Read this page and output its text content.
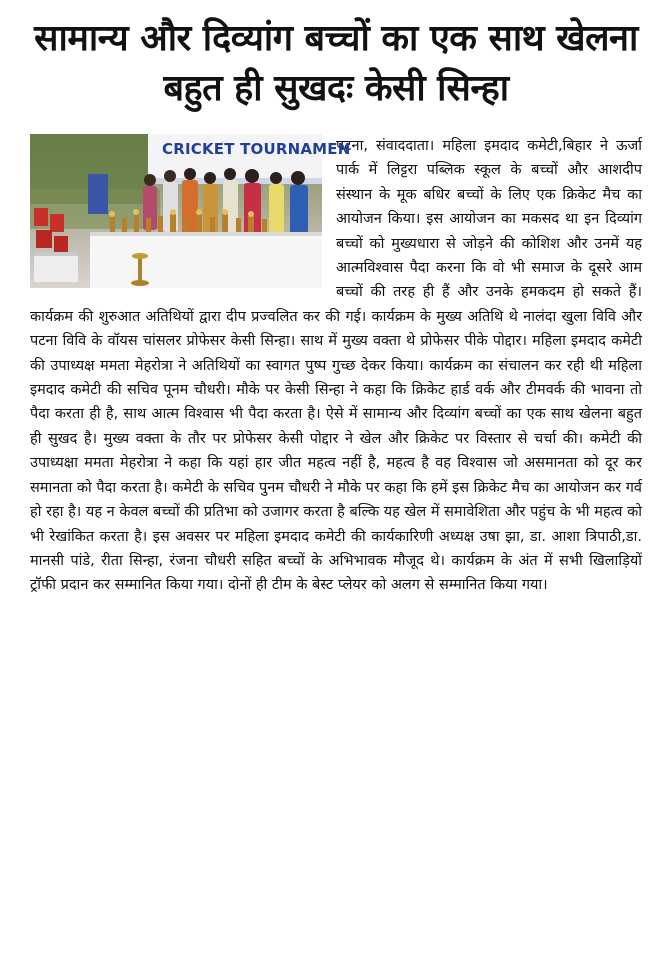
सामान्य और दिव्यांग बच्चों का एक साथ खेलना बहुत ही सुखदः केसी सिन्हा
CRICKET TOURNAMEN

पटना, संवाददाता। महिला इमदाद कमेटी,बिहार ने ऊर्जा पार्क में लिट्टरा पब्लिक स्कूल के बच्चों और आशदीप संस्थान के मूक बधिर बच्चों के लिए एक क्रिकेट मैच का आयोजन किया। इस आयोजन का मकसद था इन दिव्यांग बच्चों को मुख्यधारा से जोड़ने की कोशिश और उनमें यह आत्मविश्वास पैदा करना कि वो भी समाज के दूसरे आम बच्चों की तरह ही हैं और उनके हमकदम हो सकते हैं। कार्यक्रम की शुरुआत अतिथियों द्वारा दीप प्रज्वलित कर की गई। कार्यक्रम के मुख्य अतिथि थे नालंदा खुला विवि और पटना विवि के वॉयस चांसलर प्रोफेसर केसी सिन्हा। साथ में मुख्य वक्ता थे प्रोफेसर पीके पोद्दार। महिला इमदाद कमेटी की उपाध्यक्ष ममता मेहरोत्रा ने अतिथियों का स्वागत पुष्प गुच्छ देकर किया। कार्यक्रम का संचालन कर रही थी महिला इमदाद कमेटी की सचिव पूनम चौधरी। मौके पर केसी सिन्हा ने कहा कि क्रिकेट हार्ड वर्क और टीमवर्क की भावना तो पैदा करता ही है, साथ आत्म विश्वास भी पैदा करता है। ऐसे में सामान्य और दिव्यांग बच्चों का एक साथ खेलना बहुत ही सुखद है। मुख्य वक्ता के तौर पर प्रोफेसर केसी पोद्दार ने खेल और क्रिकेट पर विस्तार से चर्चा की। कमेटी की उपाध्यक्षा ममता मेहरोत्रा ने कहा कि यहां हार जीत महत्व नहीं है, महत्व है वह विश्वास जो असमानता को दूर कर समानता को पैदा करता है। कमेटी के सचिव पुनम चौधरी ने मौके पर कहा कि हमें इस क्रिकेट मैच का आयोजन कर गर्व हो रहा है। यह न केवल बच्चों की प्रतिभा को उजागर करता है बल्कि यह खेल में समावेशिता और पहुंच के भी महत्व को भी रेखांकित करता है। इस अवसर पर महिला इमदाद कमेटी की कार्यकारिणी अध्यक्ष उषा झा, डा. आशा त्रिपाठी,डा. मानसी पांडे, रीता सिन्हा, रंजना चौधरी सहित बच्चों के अभिभावक मौजूद थे। कार्यक्रम के अंत में सभी खिलाड़ियों ट्रॉफी प्रदान कर सम्मानित किया गया। दोनों ही टीम के बेस्ट प्लेयर को अलग से सम्मानित किया गया।
